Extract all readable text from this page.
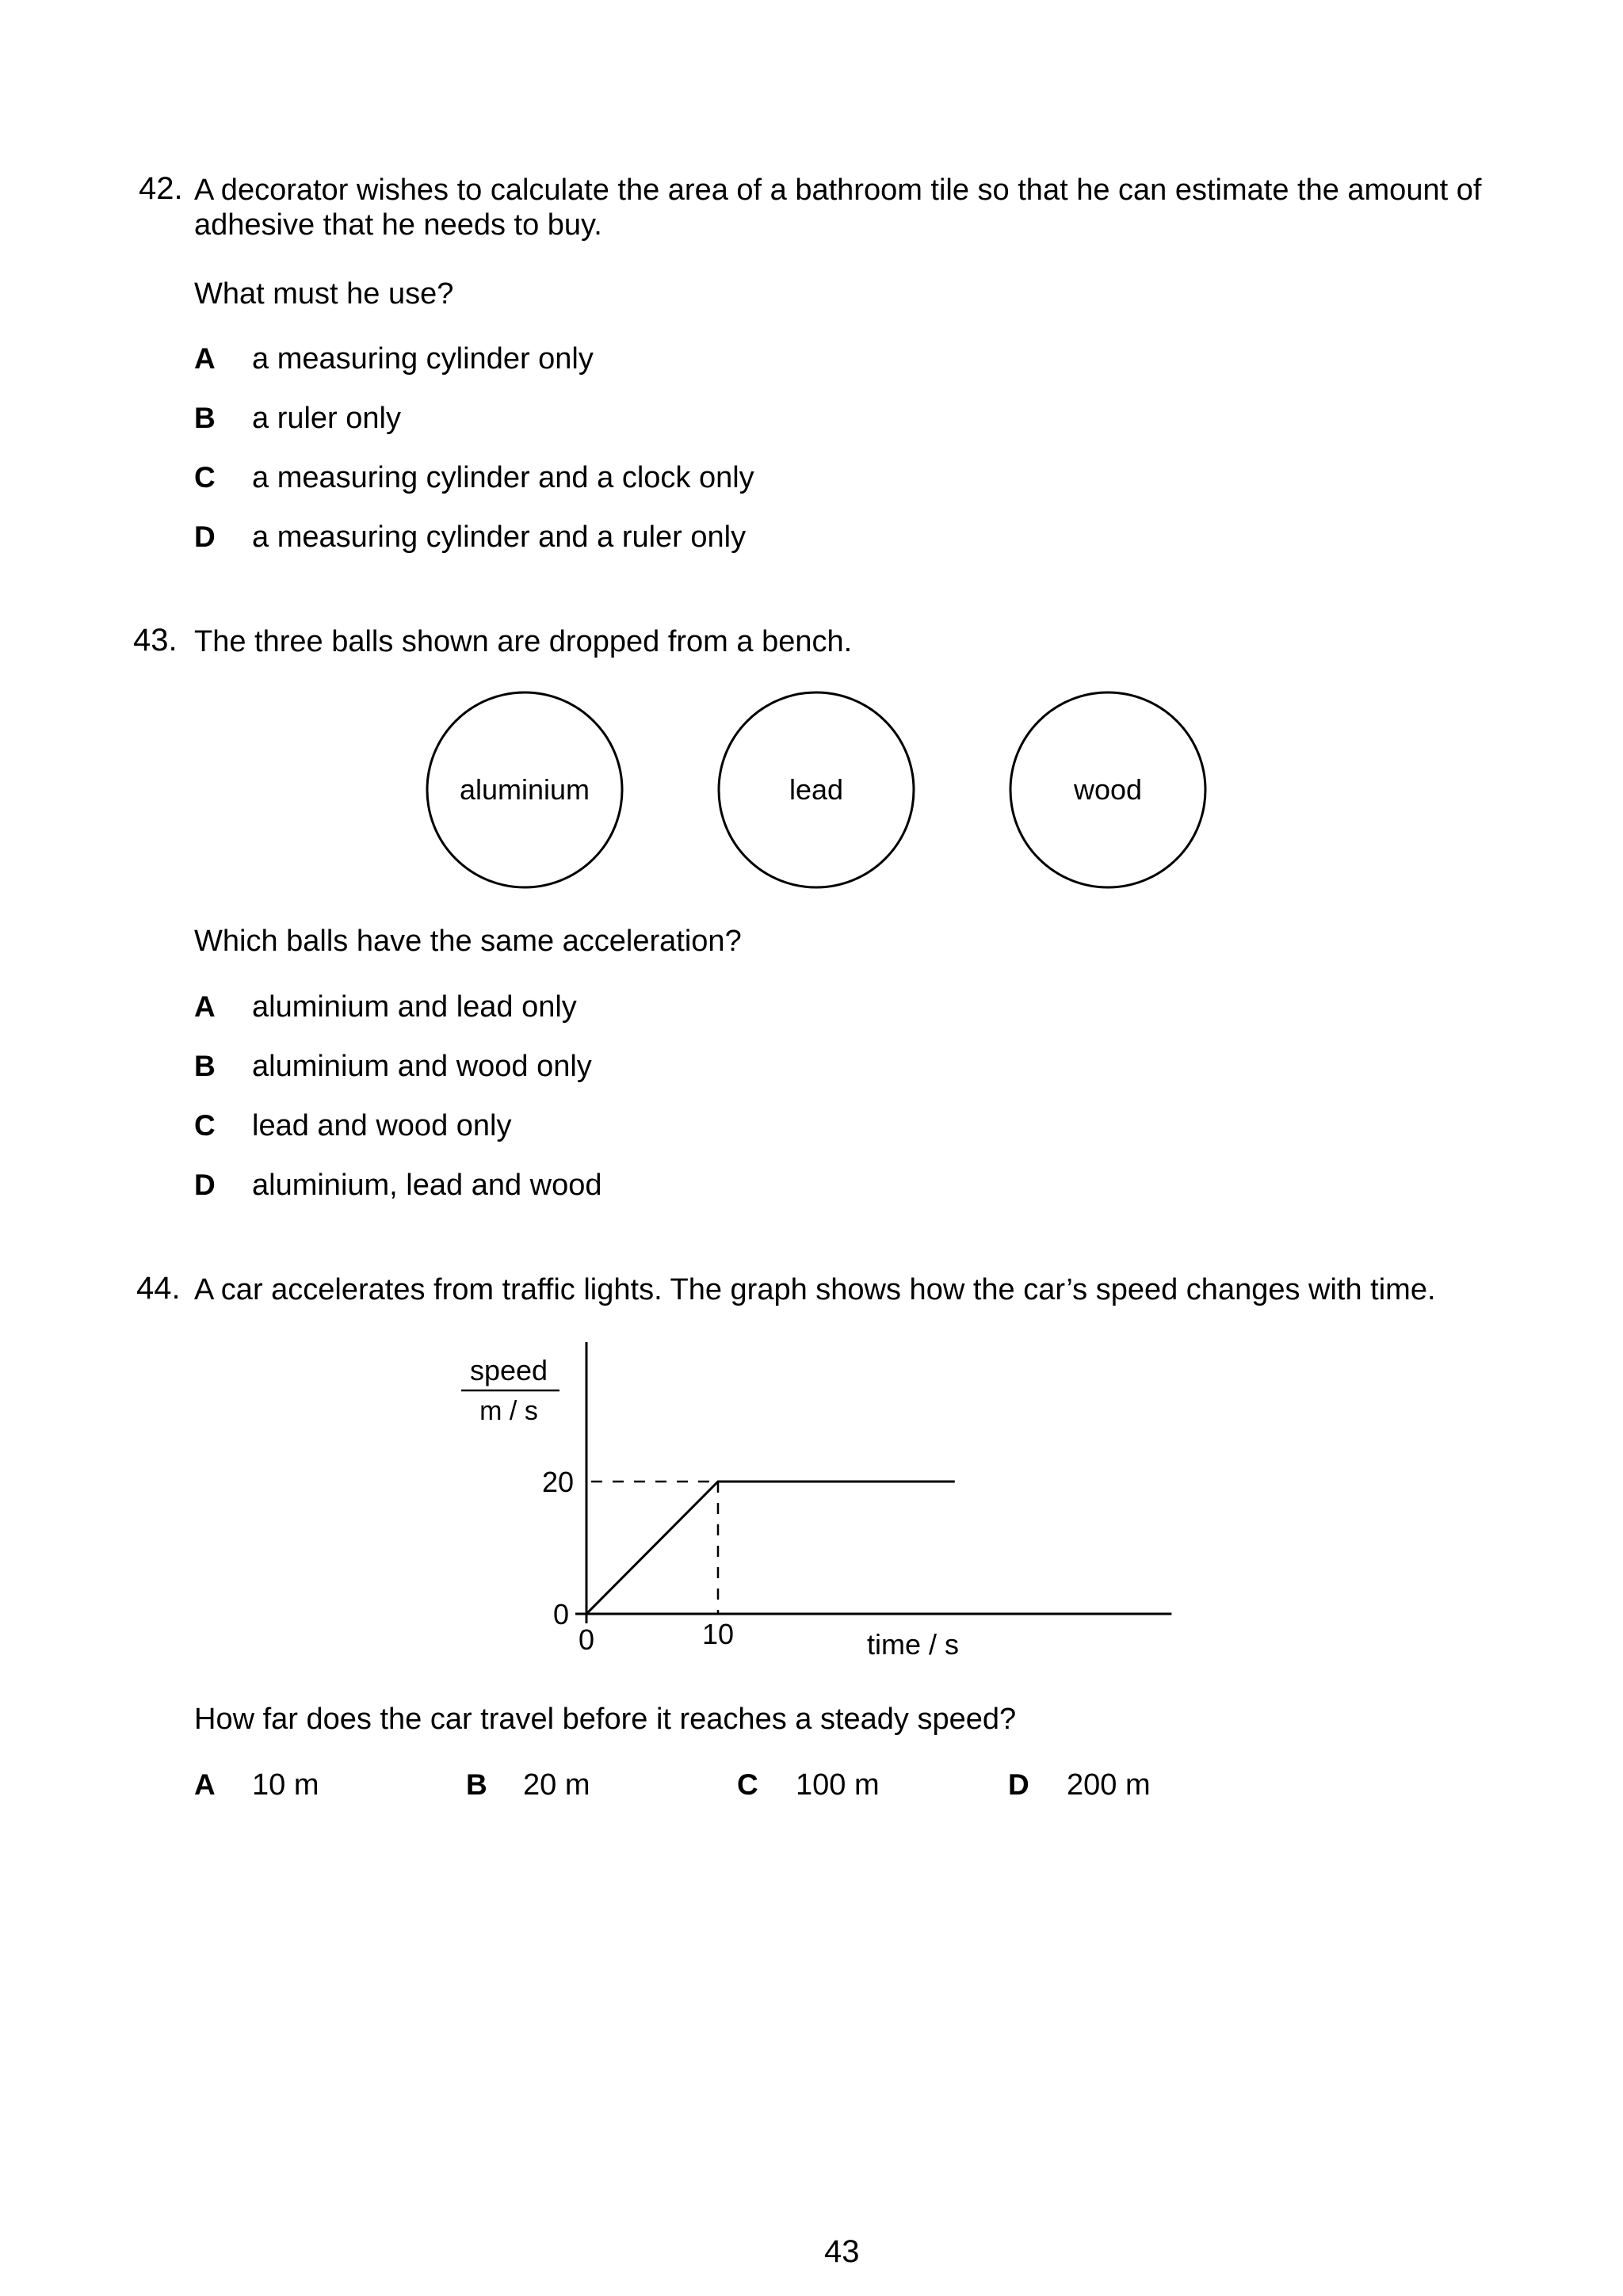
42. A decorator wishes to calculate the area of a bathroom tile so that he can estimate the amount of
adhesive that he needs to buy.
What must he use?
A a measuring cylinder only
B a ruler only
C a measuring cylinder and a clock only
D a measuring cylinder and a ruler only
43. The three balls shown are dropped from a bench.
aluminium	lead	wood
Which balls have the same acceleration?
A aluminium and lead only
B aluminium and wood only
C lead and wood only
D aluminium, lead and wood
44. A car accelerates from traffic lights. The graph shows how the car’s speed changes with time.
speed
m / s
20
0
0	10	time / s
How far does the car travel before it reaches a steady speed?
A 10 m	B 20 m	C 100 m	D 200 m
43
